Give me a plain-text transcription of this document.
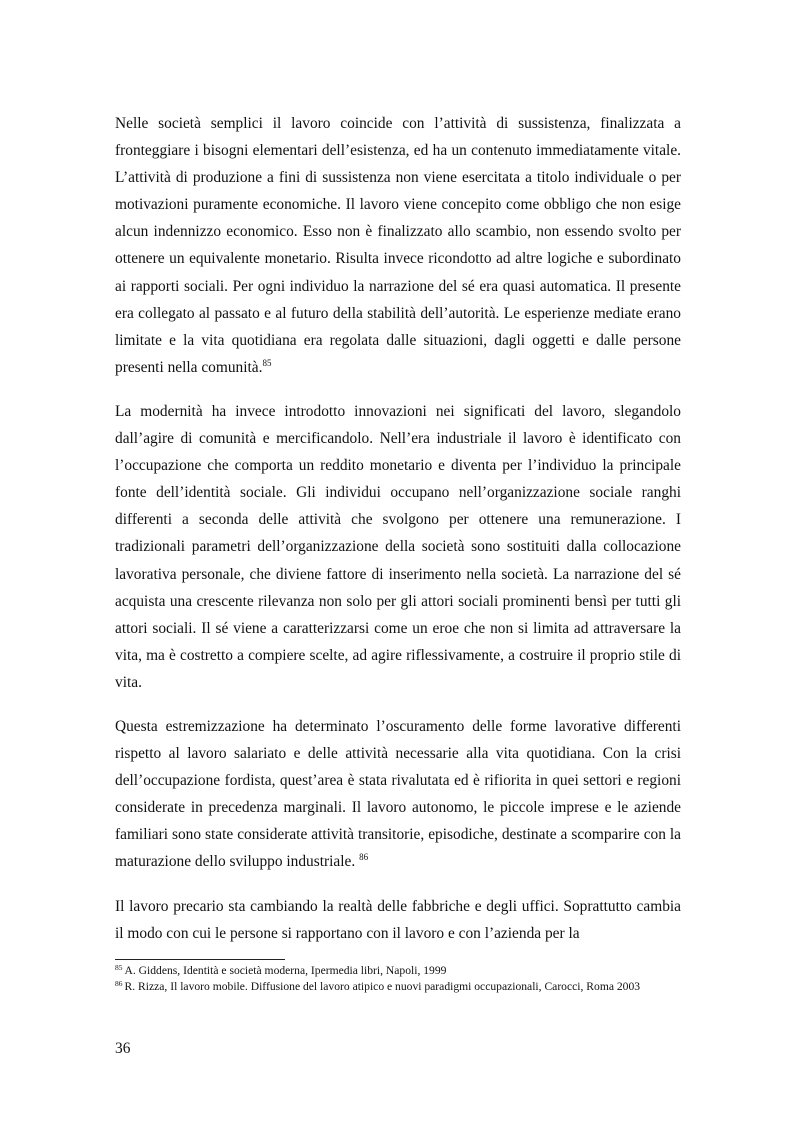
Nelle società semplici il lavoro coincide con l’attività di sussistenza, finalizzata a fronteggiare i bisogni elementari dell’esistenza, ed ha un contenuto immediatamente vitale. L’attività di produzione a fini di sussistenza non viene esercitata a titolo individuale o per motivazioni puramente economiche. Il lavoro viene concepito come obbligo che non esige alcun indennizzo economico. Esso non è finalizzato allo scambio, non essendo svolto per ottenere un equivalente monetario. Risulta invece ricondotto ad altre logiche e subordinato ai rapporti sociali. Per ogni individuo la narrazione del sé era quasi automatica. Il presente era collegato al passato e al futuro della stabilità dell’autorità. Le esperienze mediate erano limitate e la vita quotidiana era regolata dalle situazioni, dagli oggetti e dalle persone presenti nella comunità.$^{85}$

La modernità ha invece introdotto innovazioni nei significati del lavoro, slegandolo dall’agire di comunità e mercificandolo. Nell’era industriale il lavoro è identificato con l’occupazione che comporta un reddito monetario e diventa per l’individuo la principale fonte dell’identità sociale. Gli individui occupano nell’organizzazione sociale ranghi differenti a seconda delle attività che svolgono per ottenere una remunerazione. I tradizionali parametri dell’organizzazione della società sono sostituiti dalla collocazione lavorativa personale, che diviene fattore di inserimento nella società. La narrazione del sé acquista una crescente rilevanza non solo per gli attori sociali prominenti bensì per tutti gli attori sociali. Il sé viene a caratterizzarsi come un eroe che non si limita ad attraversare la vita, ma è costretto a compiere scelte, ad agire riflessivamente, a costruire il proprio stile di vita.

Questa estremizzazione ha determinato l’oscuramento delle forme lavorative differenti rispetto al lavoro salariato e delle attività necessarie alla vita quotidiana. Con la crisi dell’occupazione fordista, quest’area è stata rivalutata ed è rifiorita in quei settori e regioni considerate in precedenza marginali. Il lavoro autonomo, le piccole imprese e le aziende familiari sono state considerate attività transitorie, episodiche, destinate a scomparire con la maturazione dello sviluppo industriale. $^{86}$

Il lavoro precario sta cambiando la realtà delle fabbriche e degli uffici. Soprattutto cambia il modo con cui le persone si rapportano con il lavoro e con l’azienda per la

$^{85}$ A. Giddens, Identità e società moderna, Ipermedia libri, Napoli, 1999
$^{86}$ R. Rizza, Il lavoro mobile. Diffusione del lavoro atipico e nuovi paradigmi occupazionali, Carocci, Roma 2003
36
